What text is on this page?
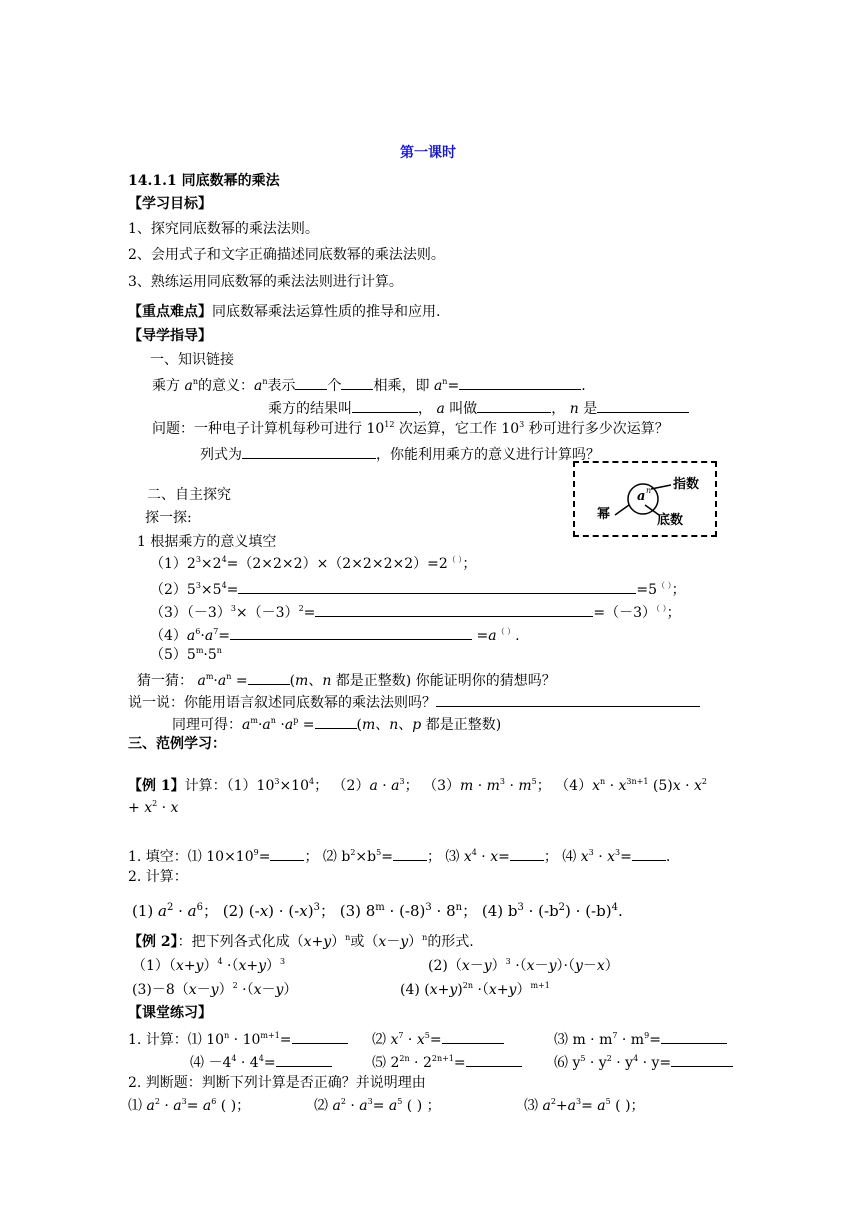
第一课时
14.1.1 同底数幂的乘法
【学习目标】
1、探究同底数幂的乘法法则。
2、会用式子和文字正确描述同底数幂的乘法法则。
3、熟练运用同底数幂的乘法法则进行计算。
【重点难点】同底数幂乘法运算性质的推导和应用.
【导学指导】
一、知识链接
乘方 $a^n$的意义：$a^n$表示 个 相乘，即 $a^n=$	.
乘方的结果叫	， a 叫做	， n 是
问题：一种电子计算机每秒可进行 $10^{12}$ 次运算，它工作 $10^3$ 秒可进行多少次运算？
列式为	，你能利用乘方的意义进行计算吗？
a n 指数
幂	底数
二、自主探究
探一探:
1 根据乘方的意义填空
$(1)2^3\times 2^4=(2\times 2\times 2)\times(2\times 2\times 2\times 2)=2^{( )}$；
$(2)5^3\times 5^4=$	=5（ ）；
$(3)(-3)^3\times(-3)^2=$	=（－3）（ ）；
$(4)a^6\cdot a^7=$	=a（ ）.
$(5)5^m\cdot 5^n$
猜一猜： $a^m\cdot a^n$ =	(m、n 都是正整数) 你能证明你的猜想吗？
说一说：你能用语言叙述同底数幂的乘法法则吗？
同理可得：$a^m\cdot a^n \cdot a^p$ =	(m、n、p 都是正整数)
三、范例学习：
【例 1】计算：$(1)10^3\times 10^4$； $(2)a \cdot a^3$； $(3)m \cdot m^3 \cdot m^5$； $(4)x^n \cdot x^{3n+1}$ $(5)x \cdot x^2$
+ $x^2 \cdot x$
1. 填空：⑴ $10\times 10^9=$ ； ⑵ $b^2\times b^5=$ ； ⑶ $x^4 \cdot x=$ ； ⑷ $x^3 \cdot x^3=$ .
2. 计算：
(1) $a^2 \cdot a^6$； (2) $(-x) \cdot (-x)^3$； (3) $8^m \cdot (-8)^3 \cdot 8^n$； (4) $b^3 \cdot (-b^2) \cdot (-b)^4$.
【例 2】：把下列各式化成$(x+y)^n$或$(x-y)^n$的形式.
$(1)(x+y)^4 \cdot(x+y)^3$	$(2)(x-y)^3 \cdot(x-y)\cdot(y-x)$
$(3)-8(x-y)^2 \cdot(x-y)$	(4) $(x+y)^{2n} \cdot(x+y)^{m+1}$
【课堂练习】
1. 计算：⑴ $10^n \cdot 10^{m+1}=$	⑵ $x^7 \cdot x^5=$	⑶ $m \cdot m^7 \cdot m^9=$
⑷ $-4^4 \cdot 4^4=$	⑸ $2^{2n} \cdot 2^{2n+1}=$	⑹ $y^5 \cdot y^2 \cdot y^4 \cdot y=$
2. 判断题：判断下列计算是否正确？并说明理由
⑴ $a^2 \cdot a^3= a^6$ ( )；	⑵ $a^2 \cdot a^3= a^5$ ( ) ；	⑶ $a^2+a^3= a^5$ ( )；
